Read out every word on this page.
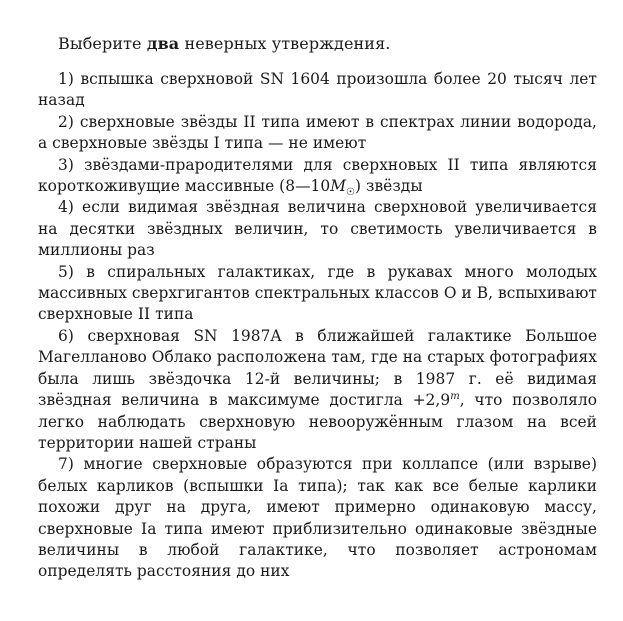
Выберите два неверных утверждения.

1) вспышка сверхновой SN 1604 произошла более 20 тысяч лет назад

2) сверхновые звёзды II типа имеют в спектрах линии водорода, а сверхновые звёзды I типа — не имеют

3) звёздами-прародителями для сверхновых II типа являются короткоживущие массивные $(8—10M_☉)$ звёзды

4) если видимая звёздная величина сверхновой увеличивается на десятки звёздных величин, то светимость увеличивается в миллионы раз

5) в спиральных галактиках, где в рукавах много молодых массивных сверхгигантов спектральных классов O и B, вспыхивают сверхновые II типа

6) сверхновая SN 1987A в ближайшей галактике Большое Магелланово Облако расположена там, где на старых фотографиях была лишь звёздочка 12-й величины; в 1987 г. её видимая звёздная величина в максимуме достигла $+2,9^m$, что позволяло легко наблюдать сверхновую невооружённым глазом на всей территории нашей страны

7) многие сверхновые образуются при коллапсе (или взрыве) белых карликов (вспышки Ia типа); так как все белые карлики похожи друг на друга, имеют примерно одинаковую массу, сверхновые Ia типа имеют приблизительно одинаковые звёздные величины в любой галактике, что позволяет астрономам определять расстояния до них
